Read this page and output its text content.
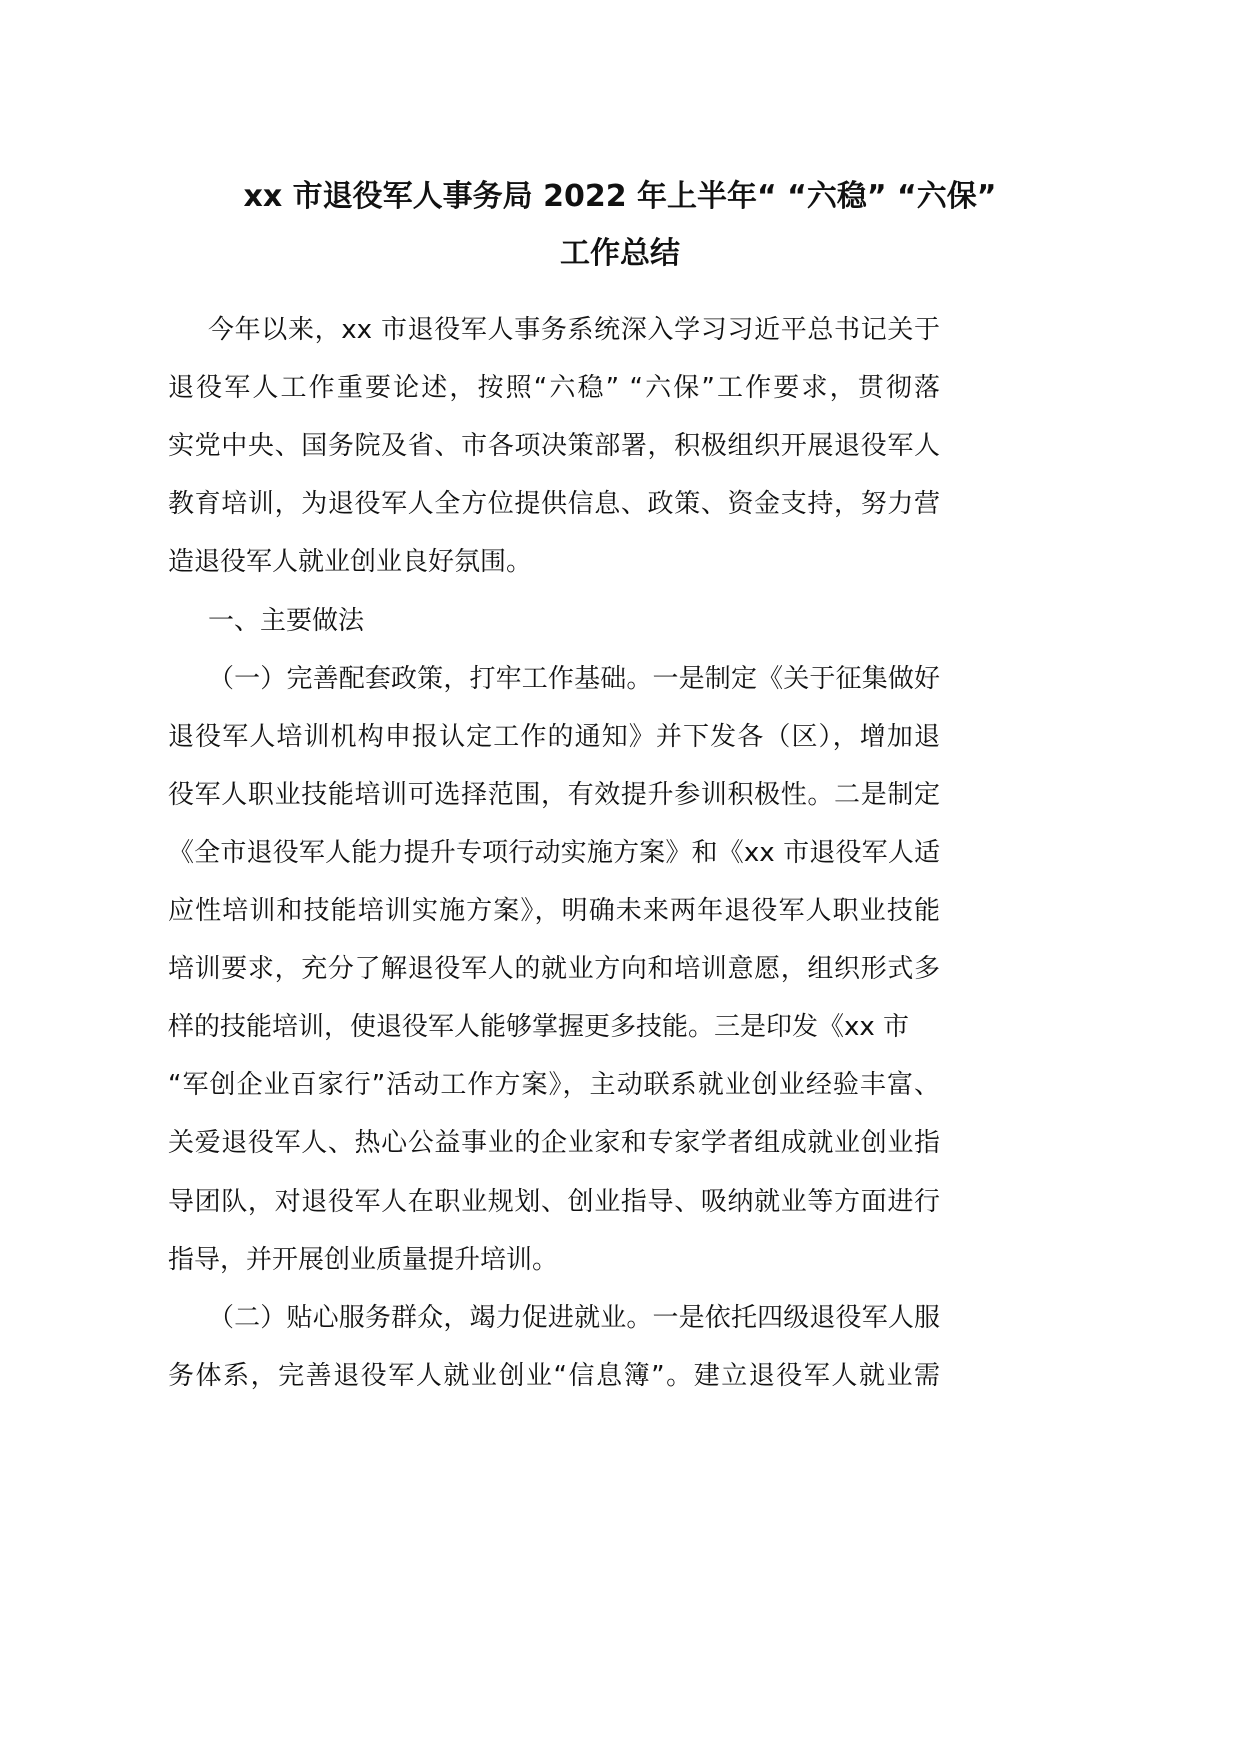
xx 市退役军人事务局 2022 年上半年“ “六稳” “六保”
工作总结
今年以来，xx 市退役军人事务系统深入学习习近平总书记关于
退役军人工作重要论述，按照“六稳” “六保”工作要求，贯彻落
实党中央、国务院及省、市各项决策部署，积极组织开展退役军人
教育培训，为退役军人全方位提供信息、政策、资金支持，努力营
造退役军人就业创业良好氛围。
一、主要做法
（一）完善配套政策，打牢工作基础。一是制定《关于征集做好
退役军人培训机构申报认定工作的通知》并下发各（区），增加退
役军人职业技能培训可选择范围，有效提升参训积极性。二是制定
《全市退役军人能力提升专项行动实施方案》和《xx 市退役军人适
应性培训和技能培训实施方案》，明确未来两年退役军人职业技能
培训要求，充分了解退役军人的就业方向和培训意愿，组织形式多
样的技能培训，使退役军人能够掌握更多技能。三是印发《xx 市
“军创企业百家行”活动工作方案》，主动联系就业创业经验丰富、
关爱退役军人、热心公益事业的企业家和专家学者组成就业创业指
导团队，对退役军人在职业规划、创业指导、吸纳就业等方面进行
指导，并开展创业质量提升培训。
（二）贴心服务群众，竭力促进就业。一是依托四级退役军人服
务体系，完善退役军人就业创业“信息簿”。建立退役军人就业需
